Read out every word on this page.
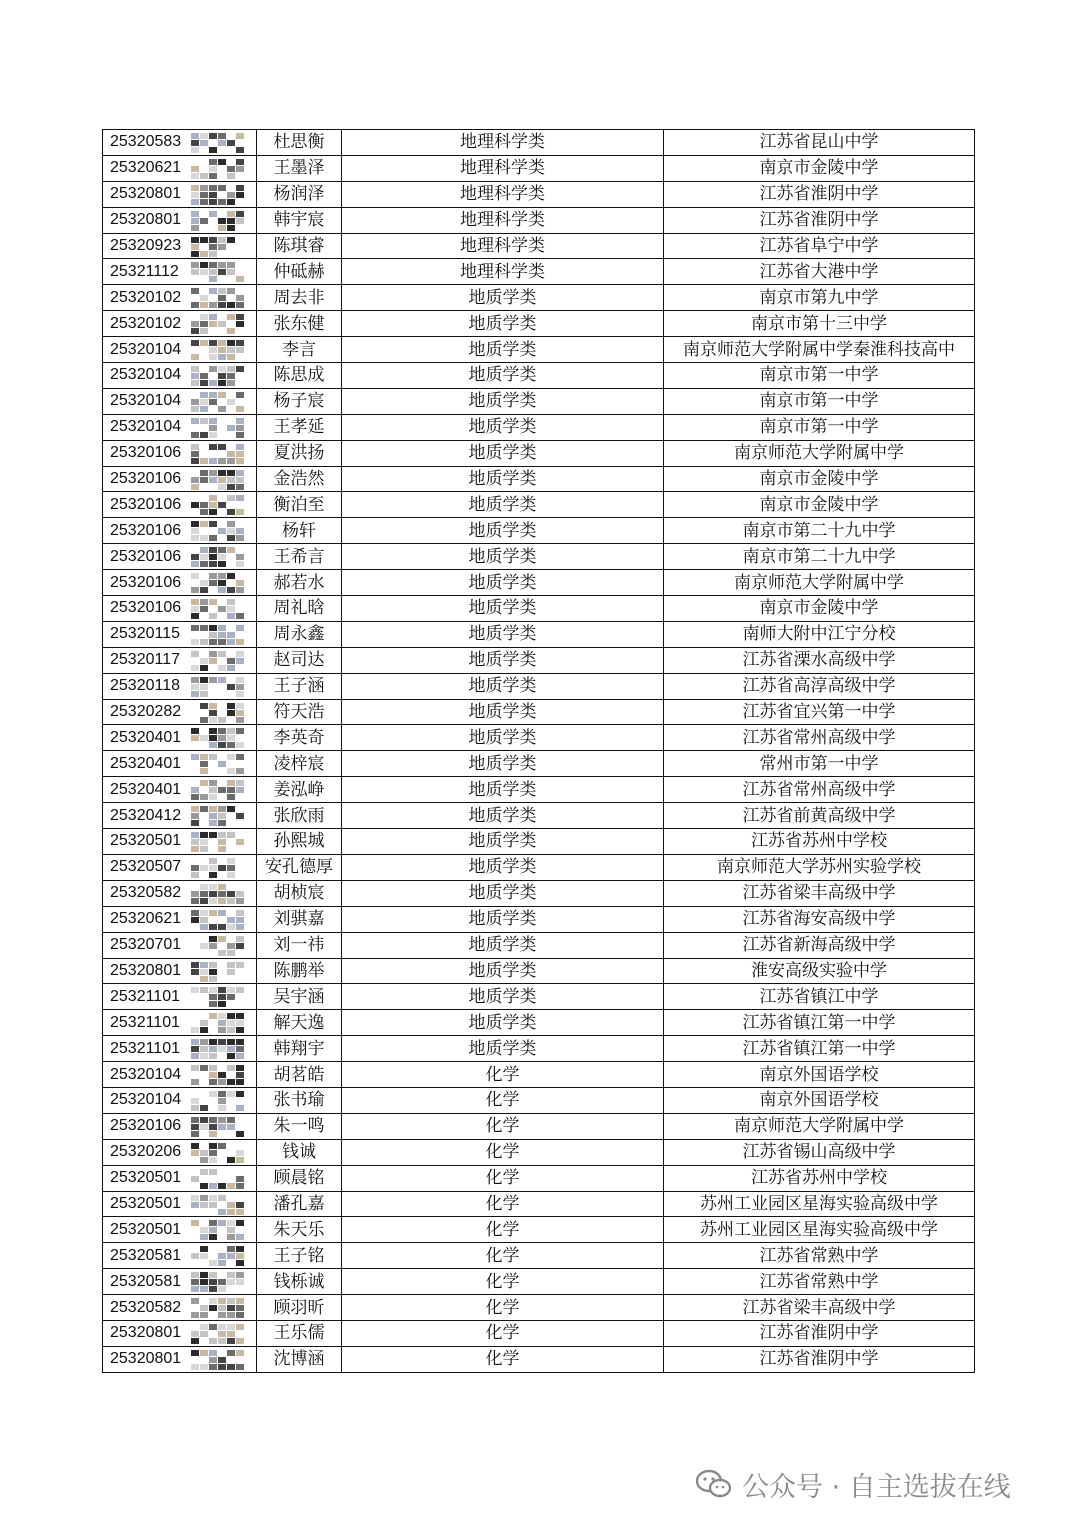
25320583	杜思衡	地理科学类	江苏省昆山中学
25320621	王墨泽	地理科学类	南京市金陵中学
25320801	杨润泽	地理科学类	江苏省淮阴中学
25320801	韩宇宸	地理科学类	江苏省淮阴中学
25320923	陈琪睿	地理科学类	江苏省阜宁中学
25321112	仲砥赫	地理科学类	江苏省大港中学
25320102	周去非	地质学类	南京市第九中学
25320102	张东健	地质学类	南京市第十三中学
25320104	李言	地质学类	南京师范大学附属中学秦淮科技高中
25320104	陈思成	地质学类	南京市第一中学
25320104	杨子宸	地质学类	南京市第一中学
25320104	王孝延	地质学类	南京市第一中学
25320106	夏洪扬	地质学类	南京师范大学附属中学
25320106	金浩然	地质学类	南京市金陵中学
25320106	衡泊至	地质学类	南京市金陵中学
25320106	杨轩	地质学类	南京市第二十九中学
25320106	王希言	地质学类	南京市第二十九中学
25320106	郝若水	地质学类	南京师范大学附属中学
25320106	周礼晗	地质学类	南京市金陵中学
25320115	周永鑫	地质学类	南师大附中江宁分校
25320117	赵司达	地质学类	江苏省溧水高级中学
25320118	王子涵	地质学类	江苏省高淳高级中学
25320282	符天浩	地质学类	江苏省宜兴第一中学
25320401	李英奇	地质学类	江苏省常州高级中学
25320401	凌梓宸	地质学类	常州市第一中学
25320401	姜泓峥	地质学类	江苏省常州高级中学
25320412	张欣雨	地质学类	江苏省前黄高级中学
25320501	孙熙城	地质学类	江苏省苏州中学校
25320507	安孔德厚	地质学类	南京师范大学苏州实验学校
25320582	胡桢宸	地质学类	江苏省梁丰高级中学
25320621	刘骐嘉	地质学类	江苏省海安高级中学
25320701	刘一祎	地质学类	江苏省新海高级中学
25320801	陈鹏举	地质学类	淮安高级实验中学
25321101	吴宇涵	地质学类	江苏省镇江中学
25321101	解天逸	地质学类	江苏省镇江第一中学
25321101	韩翔宇	地质学类	江苏省镇江第一中学
25320104	胡茗皓	化学	南京外国语学校
25320104	张书瑜	化学	南京外国语学校
25320106	朱一鸣	化学	南京师范大学附属中学
25320206	钱诚	化学	江苏省锡山高级中学
25320501	顾晨铭	化学	江苏省苏州中学校
25320501	潘孔嘉	化学	苏州工业园区星海实验高级中学
25320501	朱天乐	化学	苏州工业园区星海实验高级中学
25320581	王子铭	化学	江苏省常熟中学
25320581	钱栎诚	化学	江苏省常熟中学
25320582	顾羽昕	化学	江苏省梁丰高级中学
25320801	王乐儒	化学	江苏省淮阴中学
25320801	沈博涵	化学	江苏省淮阴中学
公众号 · 自主选拔在线
